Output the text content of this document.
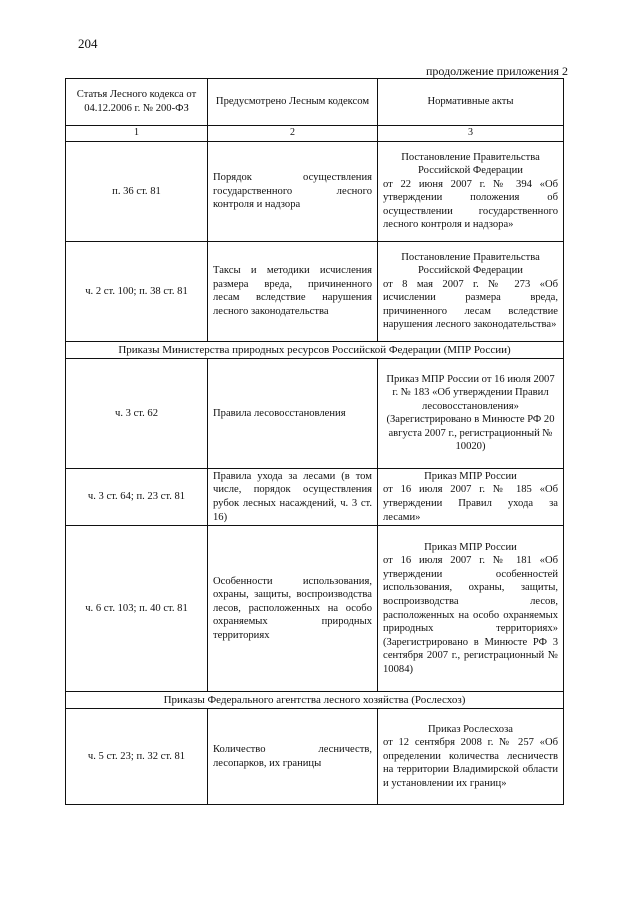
204
продолжение приложения 2
Статья Лесного кодекса от 04.12.2006 г. № 200-ФЗ	Предусмотрено Лесным кодексом	Нормативные акты
1	2	3
п. 36 ст. 81	Порядок осуществления государственного лесного контроля и надзора	Постановление Правительства Российской Федерации
от 22 июня 2007 г. № 394 «Об утверждении положения об осуществлении государственного лесного контроля и надзора»

ч. 2 ст. 100; п. 38 ст. 81	Таксы и методики исчисления размера вреда, причиненного лесам вследствие нарушения лесного законодательства	Постановление Правительства Российской Федерации
от 8 мая 2007 г. № 273 «Об исчислении размера вреда, причиненного лесам вследствие нарушения лесного законодательства»

Приказы Министерства природных ресурсов Российской Федерации (МПР России)		
ч. 3 ст. 62	Правила лесовосстановления	Приказ МПР России от 16 июля 2007 г. № 183 «Об утверждении Правил лесовосстановления» (Зарегистрировано в Минюсте РФ 20 августа 2007 г., регистрационный № 10020)

ч. 3 ст. 64; п. 23 ст. 81	Правила ухода за лесами (в том числе, порядок осуществления рубок лесных насаждений, ч. 3 ст. 16)	Приказ МПР России
от 16 июля 2007 г. № 185 «Об утверждении Правил ухода за лесами»

ч. 6 ст. 103; п. 40 ст. 81	Особенности использования, охраны, защиты, воспроизводства лесов, расположенных на особо охраняемых природных территориях	Приказ МПР России
от 16 июля 2007 г. № 181 «Об утверждении особенностей использования, охраны, защиты, воспроизводства лесов, расположенных на особо охраняемых природных территориях» (Зарегистрировано в Минюсте РФ 3 сентября 2007 г., регистрационный № 10084)

Приказы Федерального агентства лесного хозяйства (Рослесхоз)		
ч. 5 ст. 23; п. 32 ст. 81	Количество лесничеств, лесопарков, их границы	Приказ Рослесхоза
от 12 сентября 2008 г. № 257 «Об определении количества лесничеств на территории Владимирской области и установлении их границ»
